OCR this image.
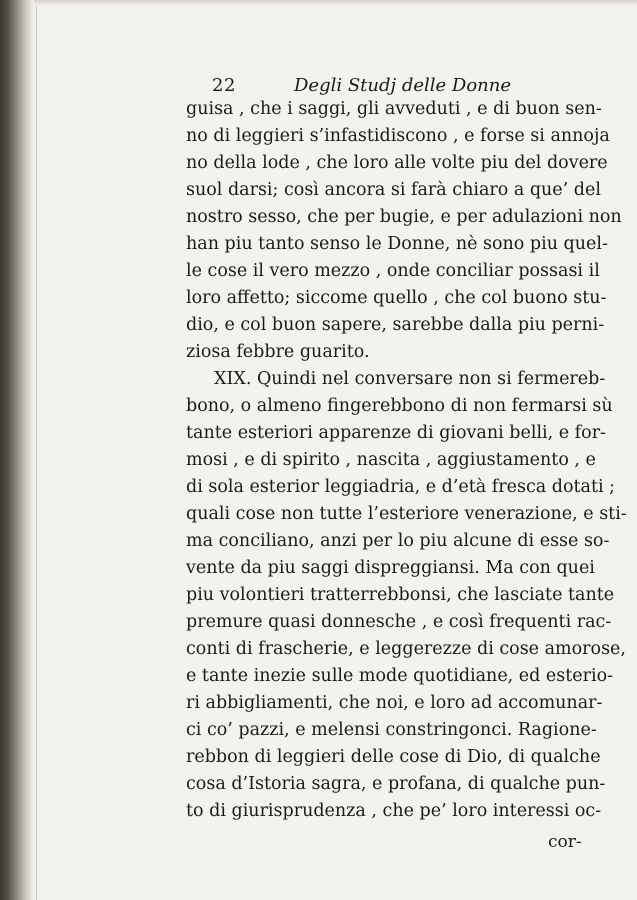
22	Degli Studj delle Donne
guisa , che i saggi, gli avveduti , e di buon sen-
no di leggieri s’infastidiscono , e forse si annoja
no della lode , che loro alle volte piu del dovere
suol darsi; così ancora si farà chiaro a que’ del
nostro sesso, che per bugie, e per adulazioni non
han piu tanto senso le Donne, nè sono piu quel-
le cose il vero mezzo , onde conciliar possasi il
loro affetto; siccome quello , che col buono stu-
dio, e col buon sapere, sarebbe dalla piu perni-
ziosa febbre guarito.
XIX. Quindi nel conversare non si fermereb-
bono, o almeno fingerebbono di non fermarsi sù
tante esteriori apparenze di giovani belli, e for-
mosi , e di spirito , nascita , aggiustamento , e
di sola esterior leggiadria, e d’età fresca dotati ;
quali cose non tutte l’esteriore venerazione, e sti-
ma conciliano, anzi per lo piu alcune di esse so-
vente da piu saggi dispreggiansi. Ma con quei
piu volontieri tratterrebbonsi, che lasciate tante
premure quasi donnesche , e così frequenti rac-
conti di frascherie, e leggerezze di cose amorose,
e tante inezie sulle mode quotidiane, ed esterio-
ri abbigliamenti, che noi, e loro ad accomunar-
ci co’ pazzi, e melensi constringonci. Ragione-
rebbon di leggieri delle cose di Dio, di qualche
cosa d’Istoria sagra, e profana, di qualche pun-
to di giurisprudenza , che pe’ loro interessi oc-
cor-
